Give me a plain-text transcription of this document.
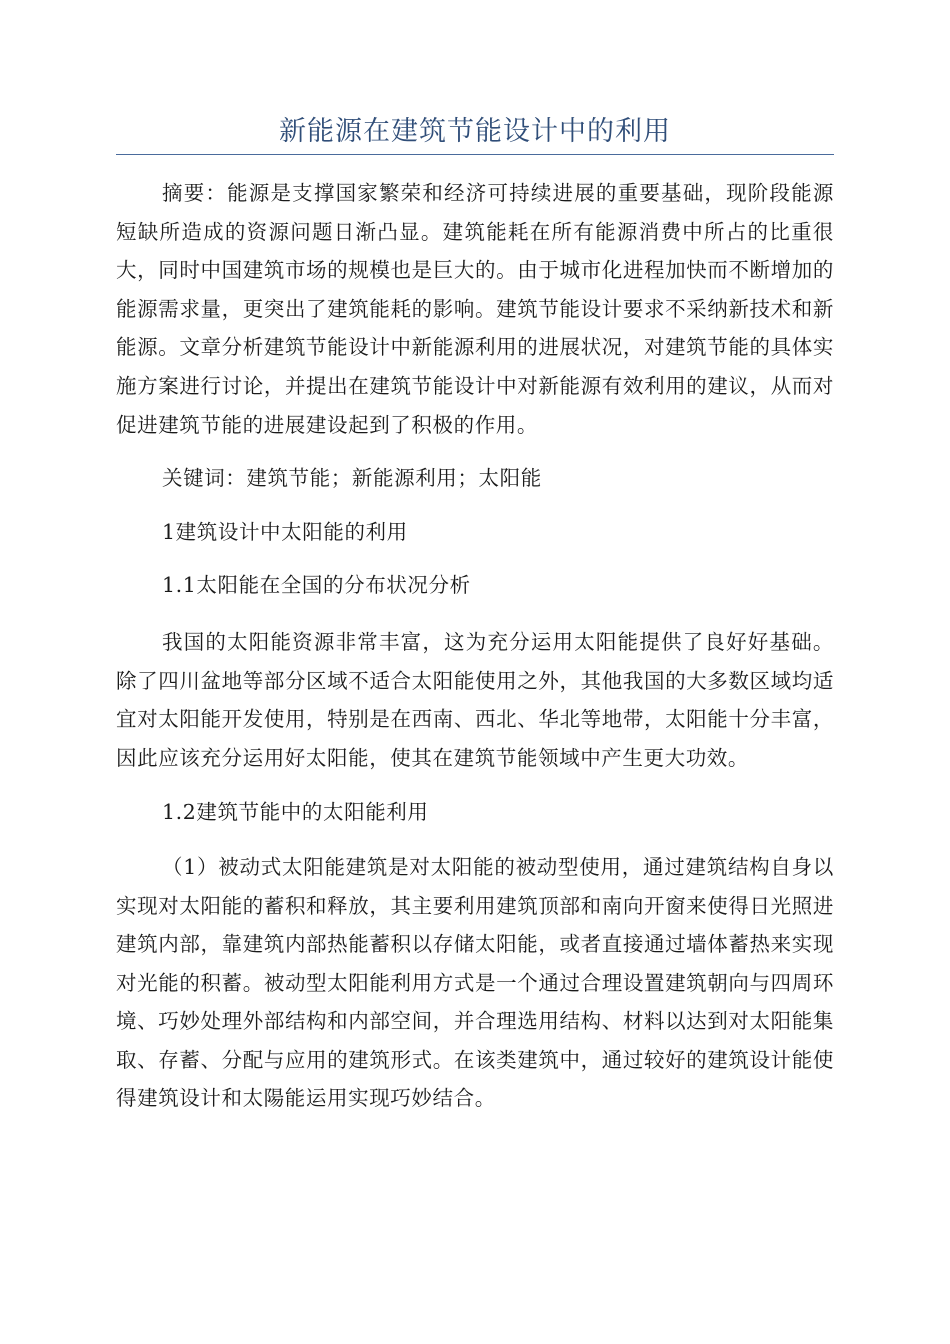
新能源在建筑节能设计中的利用

摘要：能源是支撑国家繁荣和经济可持续进展的重要基础，现阶段能源短缺所造成的资源问题日渐凸显。建筑能耗在所有能源消费中所占的比重很大，同时中国建筑市场的规模也是巨大的。由于城市化进程加快而不断增加的能源需求量，更突出了建筑能耗的影响。建筑节能设计要求不采纳新技术和新能源。文章分析建筑节能设计中新能源利用的进展状况，对建筑节能的具体实施方案进行讨论，并提出在建筑节能设计中对新能源有效利用的建议，从而对促进建筑节能的进展建设起到了积极的作用。

关键词：建筑节能；新能源利用；太阳能

1建筑设计中太阳能的利用

1.1太阳能在全国的分布状况分析

我国的太阳能资源非常丰富，这为充分运用太阳能提供了良好好基础。除了四川盆地等部分区域不适合太阳能使用之外，其他我国的大多数区域均适宜对太阳能开发使用，特别是在西南、西北、华北等地带，太阳能十分丰富，因此应该充分运用好太阳能，使其在建筑节能领域中产生更大功效。

1.2建筑节能中的太阳能利用

（1）被动式太阳能建筑是对太阳能的被动型使用，通过建筑结构自身以实现对太阳能的蓄积和释放，其主要利用建筑顶部和南向开窗来使得日光照进建筑内部，靠建筑内部热能蓄积以存储太阳能，或者直接通过墙体蓄热来实现对光能的积蓄。被动型太阳能利用方式是一个通过合理设置建筑朝向与四周环境、巧妙处理外部结构和内部空间，并合理选用结构、材料以达到对太阳能集取、存蓄、分配与应用的建筑形式。在该类建筑中，通过较好的建筑设计能使得建筑设计和太陽能运用实现巧妙结合。
